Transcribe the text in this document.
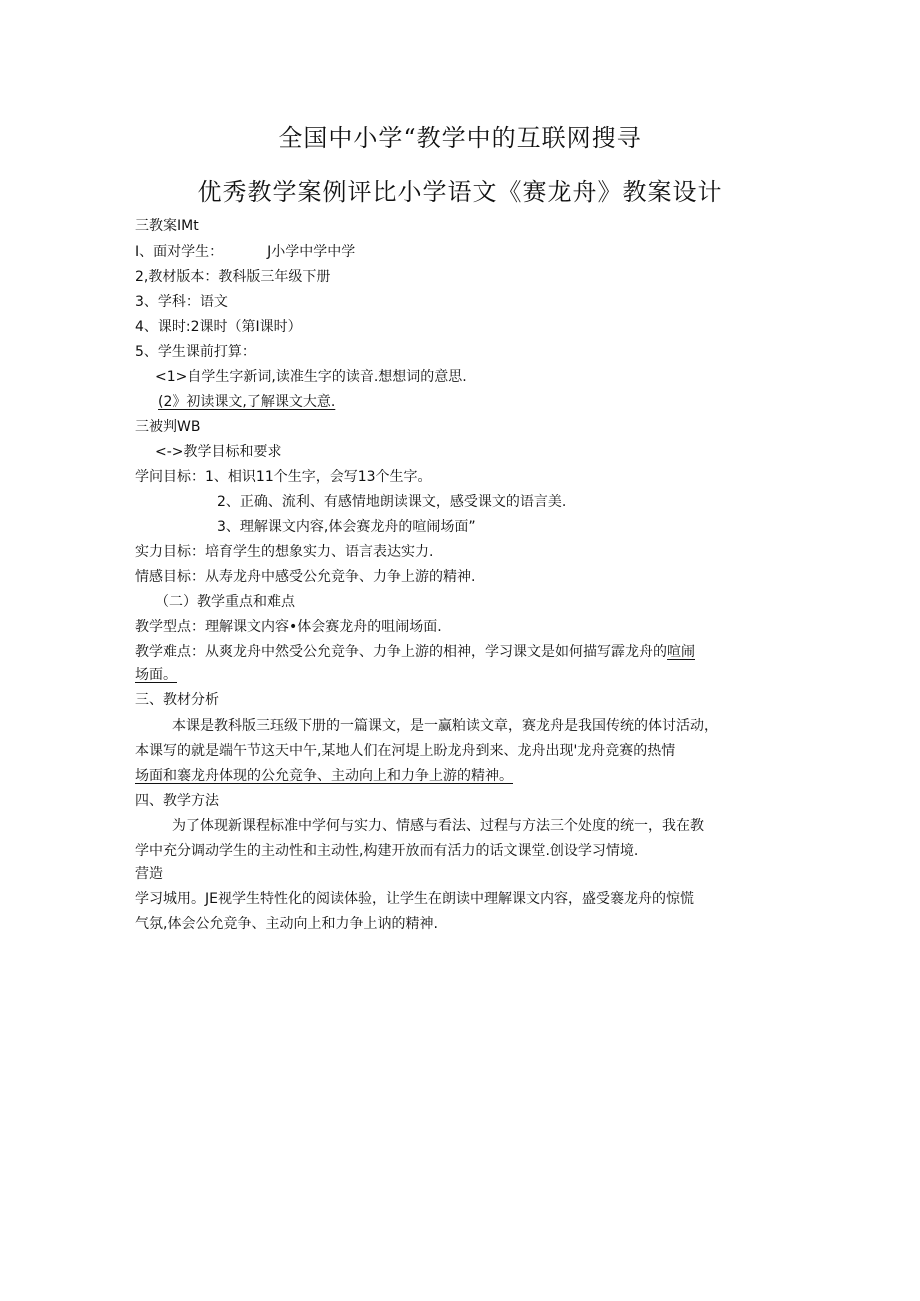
全国中小学“教学中的互联网搜寻
优秀教学案例评比小学语文《赛龙舟》教案设计
三教案IMt
I、面对学生：	J小学中学中学
2,教材版本：教科版三年级下册
3、学科：语文
4、课时:2课时（第I课时）
5、学生课前打算：
<1>自学生字新词,读准生字的读音.想想词的意思.
(2》初读课文,了解课文大意.
三被判WB
<->教学目标和要求
学问目标：1、相识11个生字，会写13个生字。
2、正确、流利、有感情地朗读课文，感受课文的语言美.
3、理解课文内容,体会赛龙舟的喧闹场面”
实力目标：培育学生的想象实力、语言表达实力.
情感目标：从寿龙舟中感受公允竞争、力争上游的精神.
（二）教学重点和难点
教学型点：理解课文内容•体会赛龙舟的咀闹场面.
教学难点：从爽龙舟中然受公允竞争、力争上游的相神，学习课文是如何描写霹龙舟的喧闹
场面。
三、教材分析
本课是教科版三珏级下册的一篇课文，是一赢粕读文章，赛龙舟是我国传统的体讨活动，
本课写的就是端午节这天中午,某地人们在河堤上盼龙舟到来、龙舟出现'龙舟竞赛的热情
场面和褰龙舟体现的公允竞争、主动向上和力争上游的精神。
四、教学方法
为了体现新课程标准中学何与实力、情感与看法、过程与方法三个处度的统一，我在教
学中充分调动学生的主动性和主动性,构建开放而有活力的话文课堂.创设学习情境.
营造
学习城用。JE视学生特性化的阅读体验，让学生在朗读中理解课文内容，盛受褰龙舟的惊慌
气氛,体会公允竞争、主动向上和力争上讷的精神.
